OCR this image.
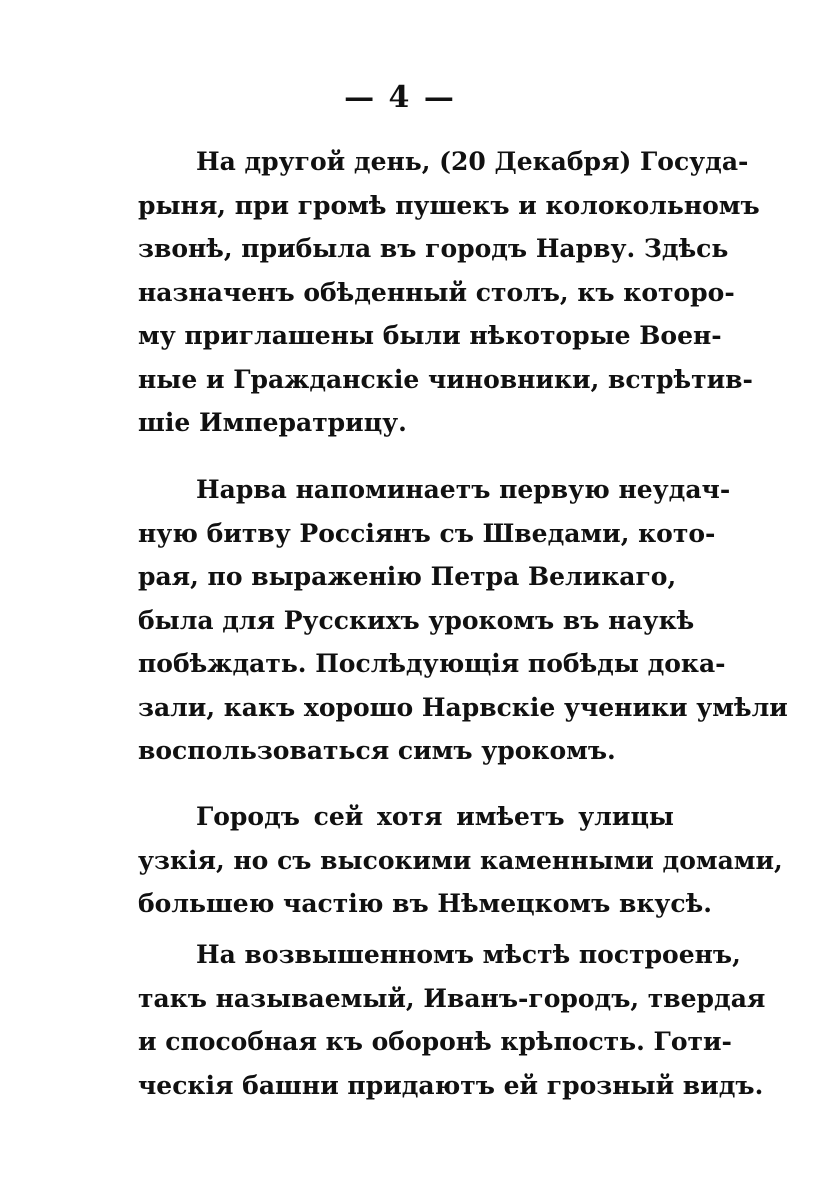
— 4 —
На другой день, (20 Декабря) Госуда-
рыня, при громѣ пушекъ и колокольномъ
звонѣ, прибыла въ городъ Нарву. Здѣсь
назначенъ обѣденный столъ, къ которо-
му приглашены были нѣкоторые Воен-
ные и Гражданскіе чиновники, встрѣтив-
шіе Императрицу.
Нарва напоминаетъ первую неудач-
ную битву Россіянъ съ Шведами, кото-
рая, по выраженію Петра Великаго,
была для Русскихъ урокомъ въ наукѣ
побѣждать. Послѣдующія побѣды дока-
зали, какъ хорошо Нарвскіе ученики умѣли
воспользоваться симъ урокомъ.
Городъ сей хотя имѣетъ улицы
узкія, но съ высокими каменными домами,
большею частію въ Нѣмецкомъ вкусѣ.
На возвышенномъ мѣстѣ построенъ,
такъ называемый, Иванъ-городъ, твердая
и способная къ оборонѣ крѣпость. Готи-
ческія башни придаютъ ей грозный видъ.
